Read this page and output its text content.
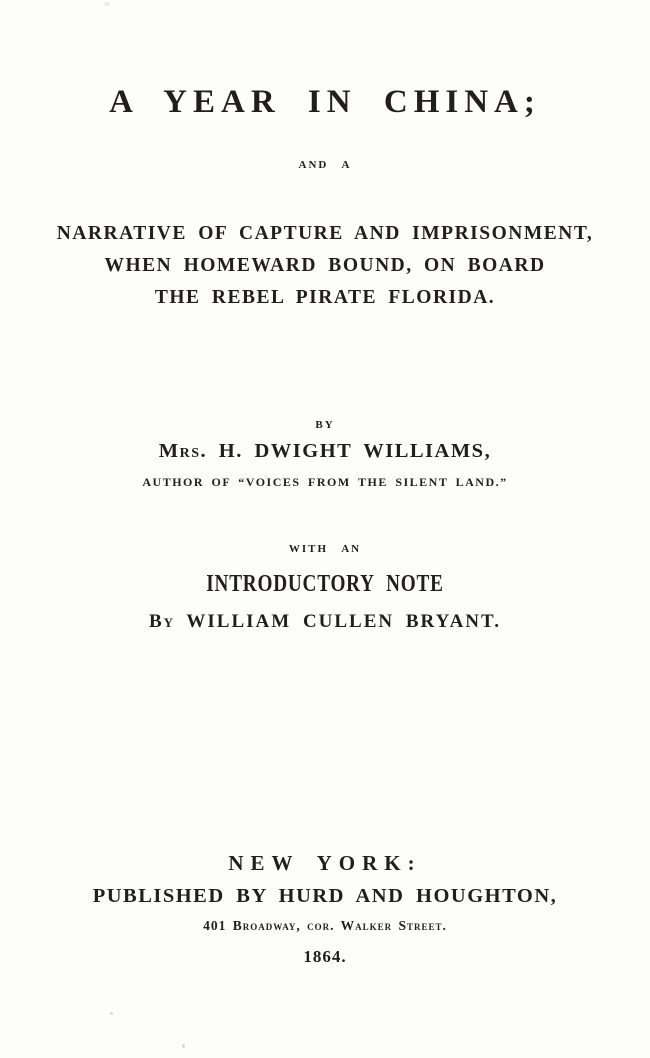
A YEAR IN CHINA;
AND A
NARRATIVE OF CAPTURE AND IMPRISONMENT,
WHEN HOMEWARD BOUND, ON BOARD
THE REBEL PIRATE FLORIDA.
BY
Mrs. H. DWIGHT WILLIAMS,
AUTHOR OF “VOICES FROM THE SILENT LAND.”
WITH AN
INTRODUCTORY NOTE
By WILLIAM CULLEN BRYANT.
NEW YORK:
PUBLISHED BY HURD AND HOUGHTON,
401 Broadway, cor. Walker Street.
1864.
